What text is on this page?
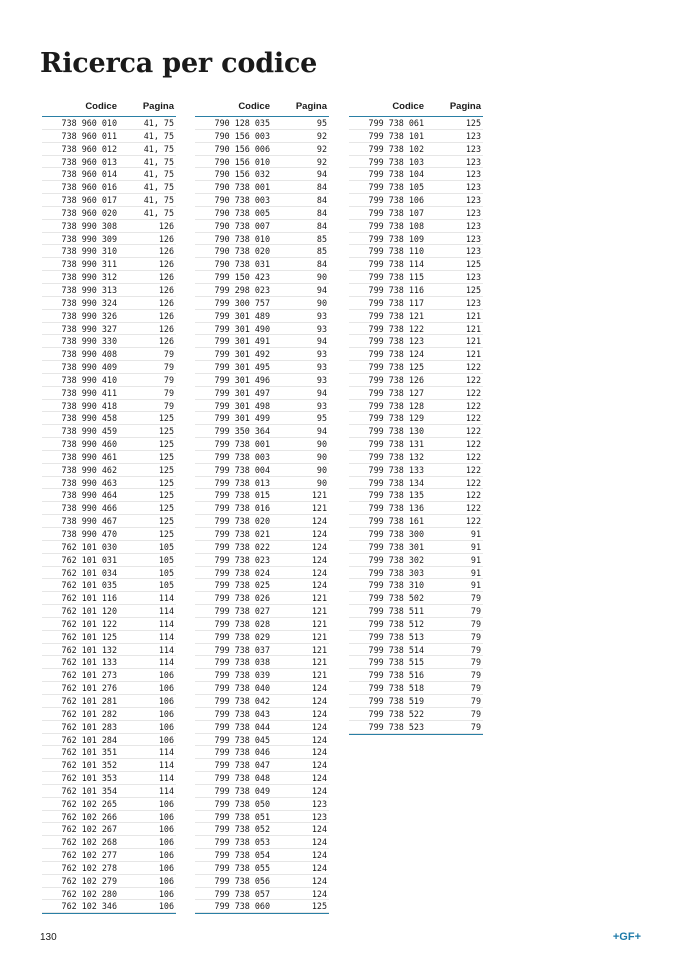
Ricerca per codice
Codice	Pagina
738 960 010	41, 75
738 960 011	41, 75
738 960 012	41, 75
738 960 013	41, 75
738 960 014	41, 75
738 960 016	41, 75
738 960 017	41, 75
738 960 020	41, 75
738 990 308	126
738 990 309	126
738 990 310	126
738 990 311	126
738 990 312	126
738 990 313	126
738 990 324	126
738 990 326	126
738 990 327	126
738 990 330	126
738 990 408	79
738 990 409	79
738 990 410	79
738 990 411	79
738 990 418	79
738 990 458	125
738 990 459	125
738 990 460	125
738 990 461	125
738 990 462	125
738 990 463	125
738 990 464	125
738 990 466	125
738 990 467	125
738 990 470	125
762 101 030	105
762 101 031	105
762 101 034	105
762 101 035	105
762 101 116	114
762 101 120	114
762 101 122	114
762 101 125	114
762 101 132	114
762 101 133	114
762 101 273	106
762 101 276	106
762 101 281	106
762 101 282	106
762 101 283	106
762 101 284	106
762 101 351	114
762 101 352	114
762 101 353	114
762 101 354	114
762 102 265	106
762 102 266	106
762 102 267	106
762 102 268	106
762 102 277	106
762 102 278	106
762 102 279	106
762 102 280	106
762 102 346	106
Codice	Pagina
790 128 035	95
790 156 003	92
790 156 006	92
790 156 010	92
790 156 032	94
790 738 001	84
790 738 003	84
790 738 005	84
790 738 007	84
790 738 010	85
790 738 020	85
790 738 031	84
799 150 423	90
799 298 023	94
799 300 757	90
799 301 489	93
799 301 490	93
799 301 491	94
799 301 492	93
799 301 495	93
799 301 496	93
799 301 497	94
799 301 498	93
799 301 499	95
799 350 364	94
799 738 001	90
799 738 003	90
799 738 004	90
799 738 013	90
799 738 015	121
799 738 016	121
799 738 020	124
799 738 021	124
799 738 022	124
799 738 023	124
799 738 024	124
799 738 025	124
799 738 026	121
799 738 027	121
799 738 028	121
799 738 029	121
799 738 037	121
799 738 038	121
799 738 039	121
799 738 040	124
799 738 042	124
799 738 043	124
799 738 044	124
799 738 045	124
799 738 046	124
799 738 047	124
799 738 048	124
799 738 049	124
799 738 050	123
799 738 051	123
799 738 052	124
799 738 053	124
799 738 054	124
799 738 055	124
799 738 056	124
799 738 057	124
799 738 060	125
Codice	Pagina
799 738 061	125
799 738 101	123
799 738 102	123
799 738 103	123
799 738 104	123
799 738 105	123
799 738 106	123
799 738 107	123
799 738 108	123
799 738 109	123
799 738 110	123
799 738 114	125
799 738 115	123
799 738 116	125
799 738 117	123
799 738 121	121
799 738 122	121
799 738 123	121
799 738 124	121
799 738 125	122
799 738 126	122
799 738 127	122
799 738 128	122
799 738 129	122
799 738 130	122
799 738 131	122
799 738 132	122
799 738 133	122
799 738 134	122
799 738 135	122
799 738 136	122
799 738 161	122
799 738 300	91
799 738 301	91
799 738 302	91
799 738 303	91
799 738 310	91
799 738 502	79
799 738 511	79
799 738 512	79
799 738 513	79
799 738 514	79
799 738 515	79
799 738 516	79
799 738 518	79
799 738 519	79
799 738 522	79
799 738 523	79
130	+GF+
